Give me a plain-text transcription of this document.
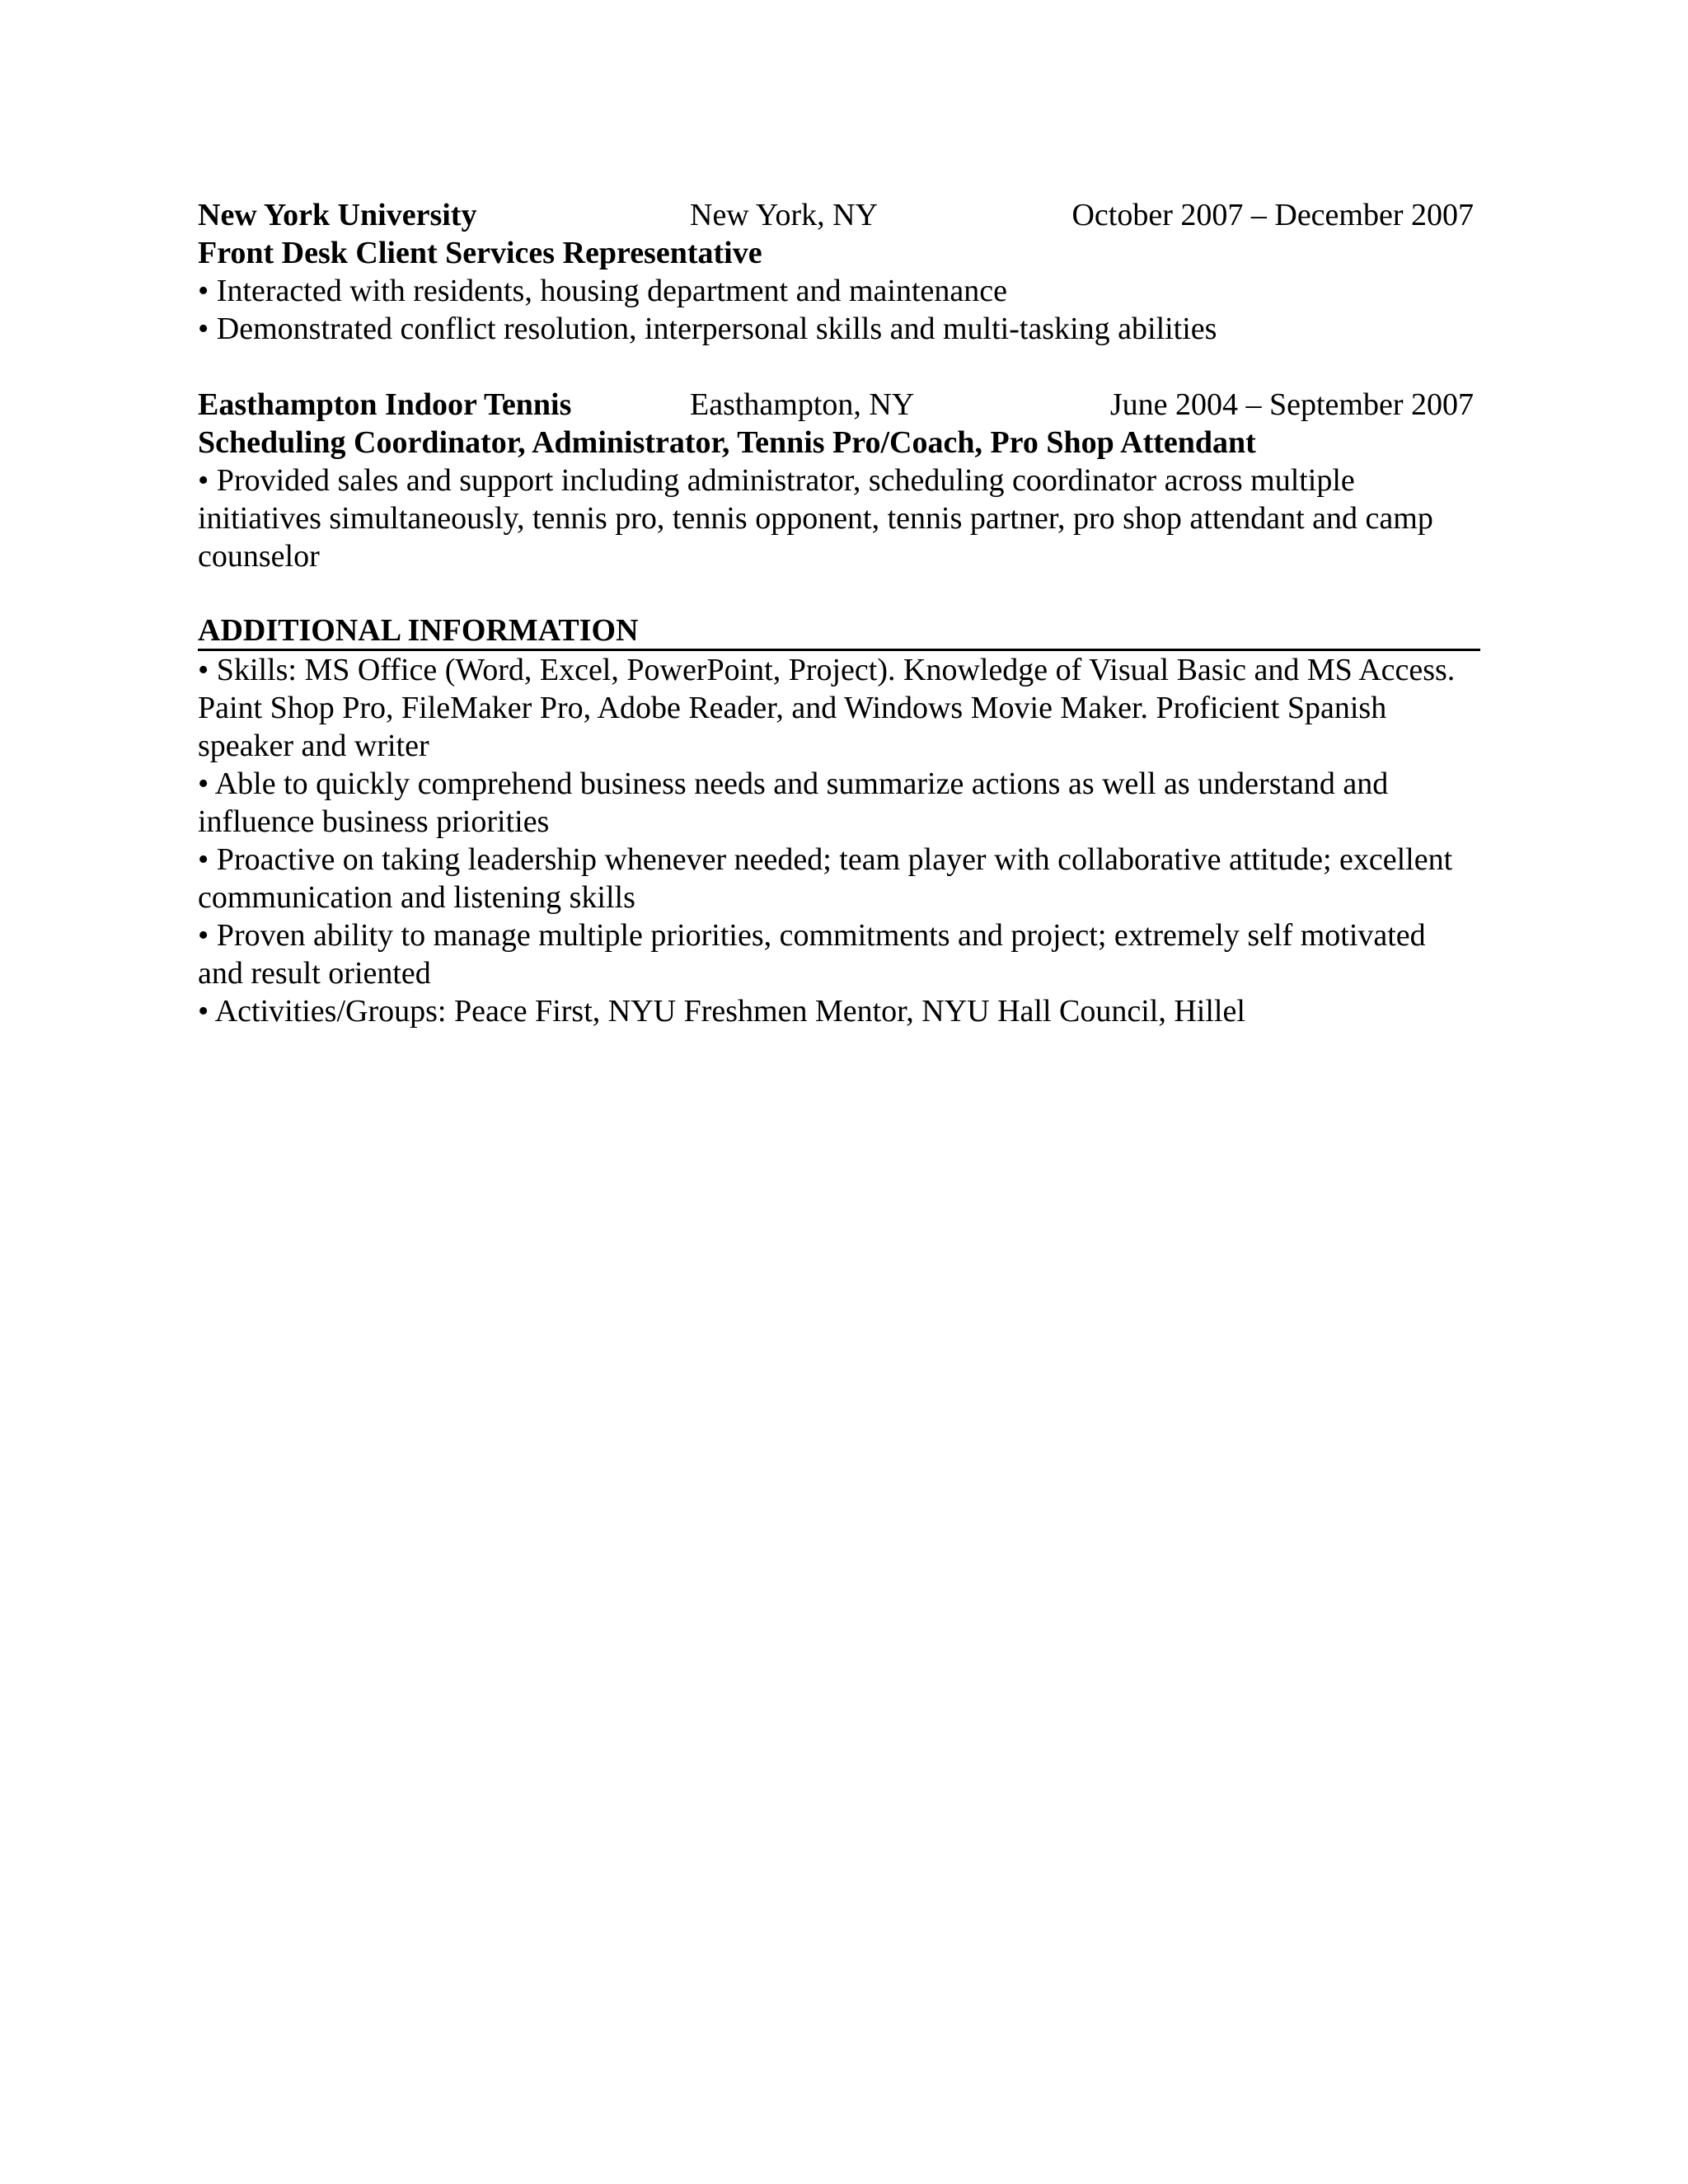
New York University	New York, NY	October 2007 – December 2007
Front Desk Client Services Representative

• Interacted with residents, housing department and maintenance

• Demonstrated conflict resolution, interpersonal skills and multi-tasking abilities

Easthampton Indoor Tennis	Easthampton, NY	June 2004 – September 2007
Scheduling Coordinator, Administrator, Tennis Pro/Coach, Pro Shop Attendant

• Provided sales and support including administrator, scheduling coordinator across multiple initiatives simultaneously, tennis pro, tennis opponent, tennis partner, pro shop attendant and camp counselor

ADDITIONAL INFORMATION

• Skills: MS Office (Word, Excel, PowerPoint, Project). Knowledge of Visual Basic and MS Access. Paint Shop Pro, FileMaker Pro, Adobe Reader, and Windows Movie Maker. Proficient Spanish speaker and writer

• Able to quickly comprehend business needs and summarize actions as well as understand and influence business priorities

• Proactive on taking leadership whenever needed; team player with collaborative attitude; excellent communication and listening skills

• Proven ability to manage multiple priorities, commitments and project; extremely self motivated and result oriented

• Activities/Groups: Peace First, NYU Freshmen Mentor, NYU Hall Council, Hillel
